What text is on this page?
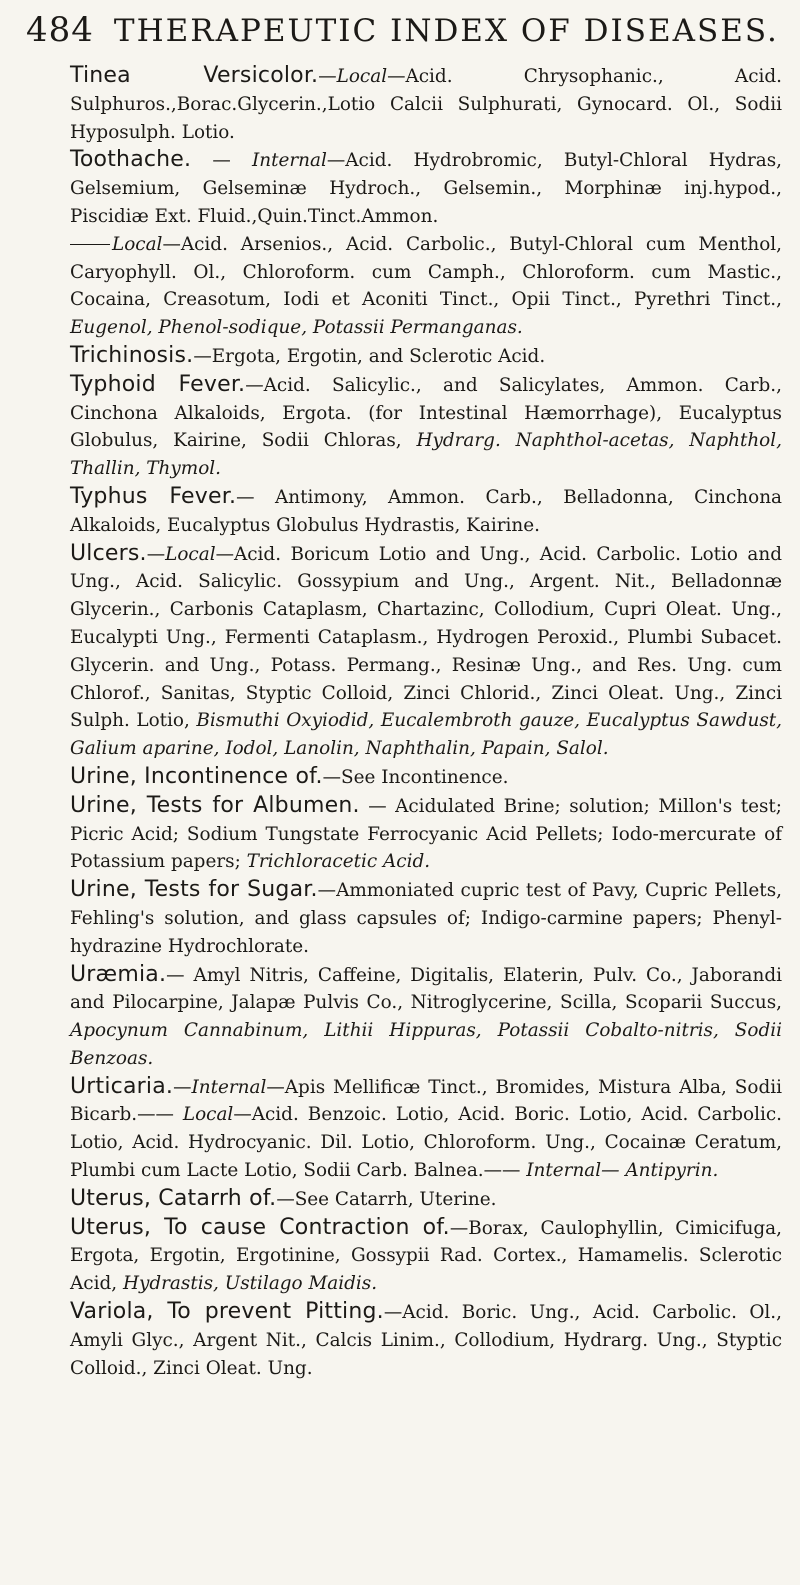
484 THERAPEUTIC INDEX OF DISEASES.

Tinea Versicolor.—Local—Acid. Chrysophanic., Acid. Sulphuros.,Borac.Glycerin.,Lotio Calcii Sulphurati, Gynocard. Ol., Sodii Hyposulph. Lotio.

Toothache. — Internal—Acid. Hydrobromic, Butyl-Chloral Hydras, Gelsemium, Gelseminæ Hydroch., Gelsemin., Morphinæ inj.hypod., Piscidiæ Ext. Fluid.,Quin.Tinct.Ammon.

Local—Acid. Arsenios., Acid. Carbolic., Butyl-Chloral cum Menthol, Caryophyll. Ol., Chloroform. cum Camph., Chloroform. cum Mastic., Cocaina, Creasotum, Iodi et Aconiti Tinct., Opii Tinct., Pyrethri Tinct., Eugenol, Phenol-sodique, Potassii Permanganas.

Trichinosis.—Ergota, Ergotin, and Sclerotic Acid.

Typhoid Fever.—Acid. Salicylic., and Salicylates, Ammon. Carb., Cinchona Alkaloids, Ergota. (for Intestinal Hæmorrhage), Eucalyptus Globulus, Kairine, Sodii Chloras, Hydrarg. Naphthol-acetas, Naphthol, Thallin, Thymol.

Typhus Fever.— Antimony, Ammon. Carb., Belladonna, Cinchona Alkaloids, Eucalyptus Globulus Hydrastis, Kairine.

Ulcers.—Local—Acid. Boricum Lotio and Ung., Acid. Carbolic. Lotio and Ung., Acid. Salicylic. Gossypium and Ung., Argent. Nit., Belladonnæ Glycerin., Carbonis Cataplasm, Chartazinc, Collodium, Cupri Oleat. Ung., Eucalypti Ung., Fermenti Cataplasm., Hydrogen Peroxid., Plumbi Subacet. Glycerin. and Ung., Potass. Permang., Resinæ Ung., and Res. Ung. cum Chlorof., Sanitas, Styptic Colloid, Zinci Chlorid., Zinci Oleat. Ung., Zinci Sulph. Lotio, Bismuthi Oxyiodid, Eucalembroth gauze, Eucalyptus Sawdust, Galium aparine, Iodol, Lanolin, Naphthalin, Papain, Salol.

Urine, Incontinence of.—See Incontinence.

Urine, Tests for Albumen. — Acidulated Brine; solution; Millon's test; Picric Acid; Sodium Tungstate Ferrocyanic Acid Pellets; Iodo-mercurate of Potassium papers; Trichloracetic Acid.

Urine, Tests for Sugar.—Ammoniated cupric test of Pavy, Cupric Pellets, Fehling's solution, and glass capsules of; Indigo-carmine papers; Phenyl-hydrazine Hydrochlorate.

Uræmia.— Amyl Nitris, Caffeine, Digitalis, Elaterin, Pulv. Co., Jaborandi and Pilocarpine, Jalapæ Pulvis Co., Nitroglycerine, Scilla, Scoparii Succus, Apocynum Cannabinum, Lithii Hippuras, Potassii Cobalto-nitris, Sodii Benzoas.

Urticaria.—Internal—Apis Mellificæ Tinct., Bromides, Mistura Alba, Sodii Bicarb.—— Local—Acid. Benzoic. Lotio, Acid. Boric. Lotio, Acid. Carbolic. Lotio, Acid. Hydrocyanic. Dil. Lotio, Chloroform. Ung., Cocainæ Ceratum, Plumbi cum Lacte Lotio, Sodii Carb. Balnea.—— Internal— Antipyrin.

Uterus, Catarrh of.—See Catarrh, Uterine.

Uterus, To cause Contraction of.—Borax, Caulophyllin, Cimicifuga, Ergota, Ergotin, Ergotinine, Gossypii Rad. Cortex., Hamamelis. Sclerotic Acid, Hydrastis, Ustilago Maidis.

Variola, To prevent Pitting.—Acid. Boric. Ung., Acid. Carbolic. Ol., Amyli Glyc., Argent Nit., Calcis Linim., Collodium, Hydrarg. Ung., Styptic Colloid., Zinci Oleat. Ung.
